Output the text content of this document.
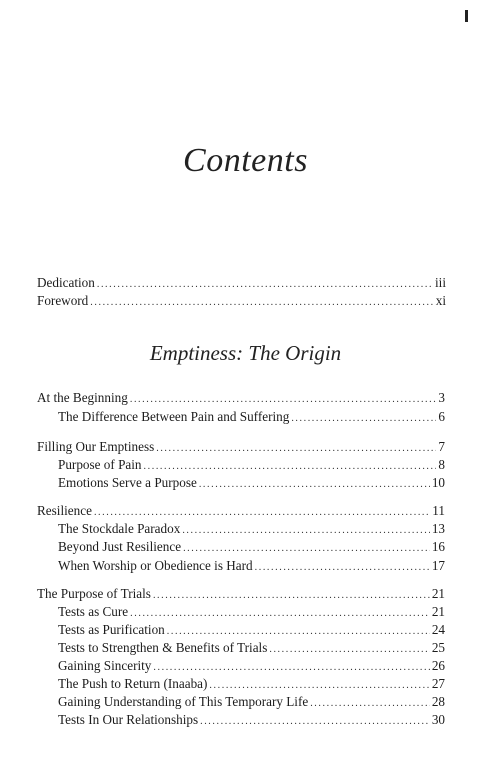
Contents
Dedication .....	iii
Foreword .....	xi
Emptiness: The Origin
At the Beginning .....	3
The Difference Between Pain and Suffering .....	6
Filling Our Emptiness .....	7
Purpose of Pain .....	8
Emotions Serve a Purpose .....	10
Resilience .....	11
The Stockdale Paradox .....	13
Beyond Just Resilience .....	16
When Worship or Obedience is Hard .....	17
The Purpose of Trials .....	21
Tests as Cure .....	21
Tests as Purification .....	24
Tests to Strengthen & Benefits of Trials .....	25
Gaining Sincerity .....	26
The Push to Return (Inaaba) .....	27
Gaining Understanding of This Temporary Life .....	28
Tests In Our Relationships .....	30
